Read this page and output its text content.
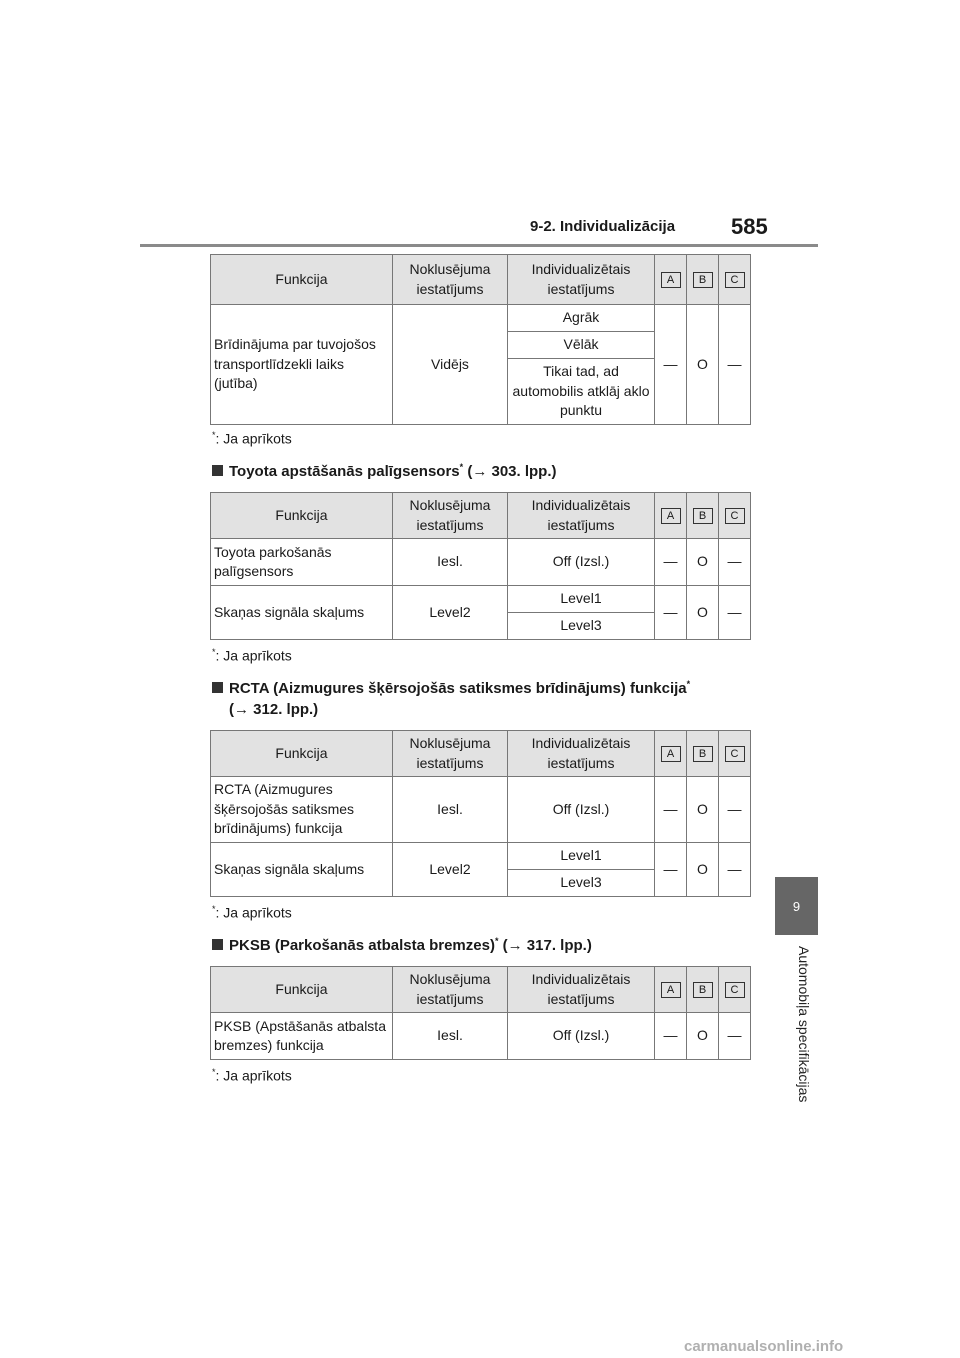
9-2. Individualizācija	585
9
Automobiļa specifikācijas
Funkcija	Noklusējuma iestatījums	Individualizētais iestatījums	A	B	C
Brīdinājuma par tuvojošos transportlīdzekli laiks (jutība)	Vidējs	Agrāk	—	O	—
		Vēlāk			
		Tikai tad, ad automobilis atklāj aklo punktu			
*: Ja aprīkots
Toyota apstāšanās palīgsensors* (→ 303. lpp.)
Funkcija	Noklusējuma iestatījums	Individualizētais iestatījums	A	B	C
Toyota parkošanās palīgsensors	Iesl.	Off (Izsl.)	—	O	—
Skaņas signāla skaļums	Level2	Level1	—	O	—
		Level3			
*: Ja aprīkots
RCTA (Aizmugures šķērsojošās satiksmes brīdinājums) funkcija*
(→ 312. lpp.)
Funkcija	Noklusējuma iestatījums	Individualizētais iestatījums	A	B	C
RCTA (Aizmugures šķērsojošās satiksmes brīdinājums) funkcija	Iesl.	Off (Izsl.)	—	O	—
Skaņas signāla skaļums	Level2	Level1	—	O	—
		Level3			
*: Ja aprīkots
PKSB (Parkošanās atbalsta bremzes)* (→ 317. lpp.)
Funkcija	Noklusējuma iestatījums	Individualizētais iestatījums	A	B	C
PKSB (Apstāšanās atbalsta bremzes) funkcija	Iesl.	Off (Izsl.)	—	O	—
*: Ja aprīkots
carmanualsonline.info
